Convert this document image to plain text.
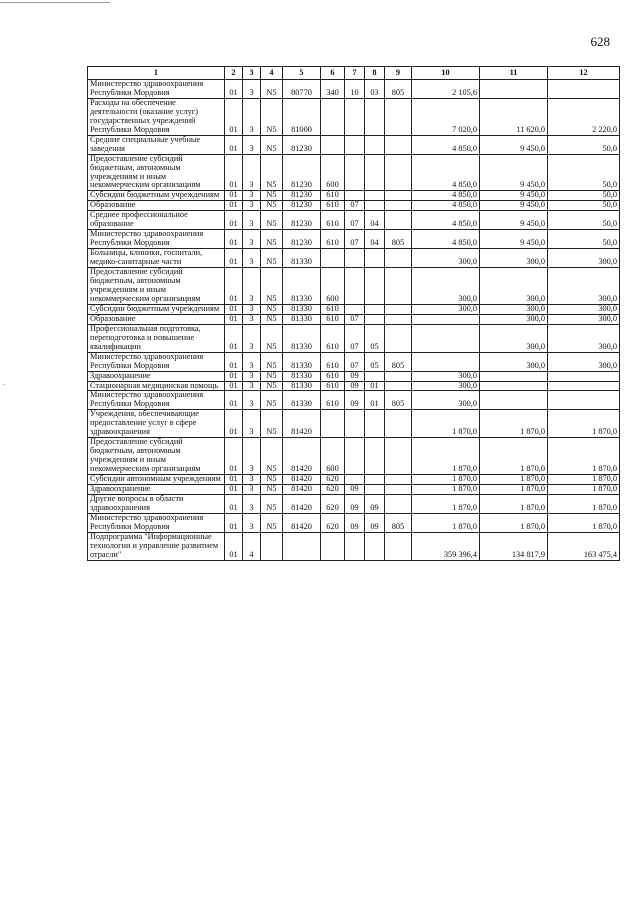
628
1	2	3	4	5	6	7	8	9	10	11	12
Министерство здравоохранения Республики Мордовия	01	3	N5	80770	340	10	03	805	2 105,6		
Расходы на обеспечение деятельности (оказание услуг) государственных учреждений Республики Мордовия	01	3	N5	81000					7 020,0	11 620,0	2 220,0
Средние специальные учебные заведения	01	3	N5	81230					4 850,0	9 450,0	50,0
Предоставление субсидий бюджетным, автономным учреждениям и иным некоммерческим организациям	01	3	N5	81230	600				4 850,0	9 450,0	50,0
Субсидии бюджетным учреждениям	01	3	N5	81230	610				4 850,0	9 450,0	50,0
Образование	01	3	N5	81230	610	07			4 850,0	9 450,0	50,0
Среднее профессиональное образование	01	3	N5	81230	610	07	04		4 850,0	9 450,0	50,0
Министерство здравоохранения Республики Мордовия	01	3	N5	81230	610	07	04	805	4 850,0	9 450,0	50,0
Больницы, клиники, госпитали, медико-санитарные части	01	3	N5	81330					300,0	300,0	300,0
Предоставление субсидий бюджетным, автономным учреждениям и иным некоммерческим организациям	01	3	N5	81330	600				300,0	300,0	300,0
Субсидии бюджетным учреждениям	01	3	N5	81330	610				300,0	300,0	300,0
Образование	01	3	N5	81330	610	07				300,0	300,0
Профессиональная подготовка, переподготовка и повышение квалификации	01	3	N5	81330	610	07	05			300,0	300,0
Министерство здравоохранения Республики Мордовия	01	3	N5	81330	610	07	05	805		300,0	300,0
Здравоохранение	01	3	N5	81330	610	09			300,0		
Стационарная медицинская помощь	01	3	N5	81330	610	09	01		300,0		
Министерство здравоохранения Республики Мордовия	01	3	N5	81330	610	09	01	805	300,0		
Учреждения, обеспечивающие предоставление услуг в сфере здравоохранения	01	3	N5	81420					1 870,0	1 870,0	1 870,0
Предоставление субсидий бюджетным, автономным учреждениям и иным некоммерческим организациям	01	3	N5	81420	600				1 870,0	1 870,0	1 870,0
Субсидии автономным учреждениям	01	3	N5	81420	620				1 870,0	1 870,0	1 870,0
Здравоохранение	01	3	N5	81420	620	09			1 870,0	1 870,0	1 870,0
Другие вопросы в области здравоохранения	01	3	N5	81420	620	09	09		1 870,0	1 870,0	1 870,0
Министерство здравоохранения Республики Мордовия	01	3	N5	81420	620	09	09	805	1 870,0	1 870,0	1 870,0
Подпрограмма "Информационные технологии и управление развитием отрасли"	01	4							359 396,4	134 817,9	163 475,4
-
